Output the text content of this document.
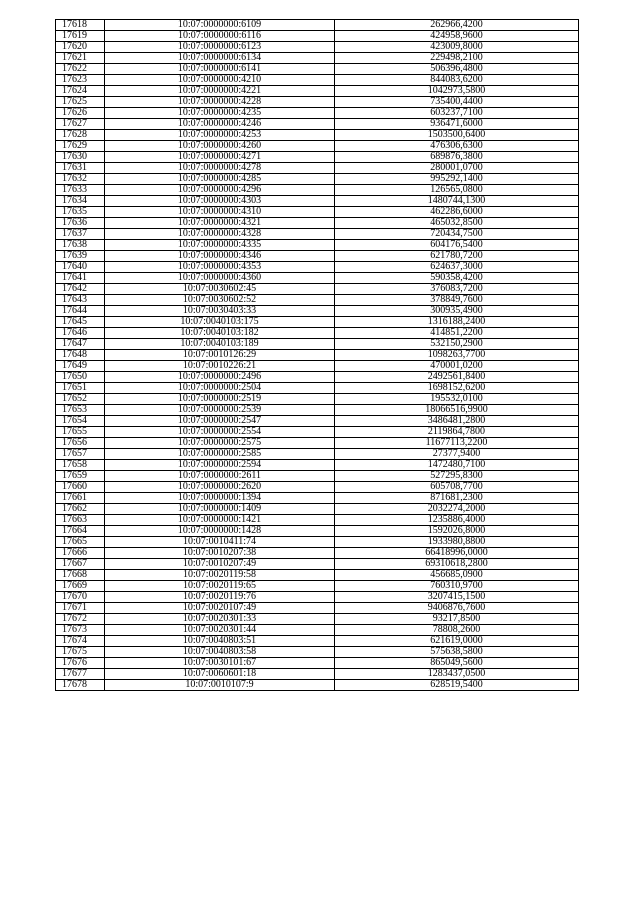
17618	10:07:0000000:6109	262966,4200
17619	10:07:0000000:6116	424958,9600
17620	10:07:0000000:6123	423009,8000
17621	10:07:0000000:6134	229498,2100
17622	10:07:0000000:6141	506396,4800
17623	10:07:0000000:4210	844083,6200
17624	10:07:0000000:4221	1042973,5800
17625	10:07:0000000:4228	735400,4400
17626	10:07:0000000:4235	603237,7100
17627	10:07:0000000:4246	936471,6000
17628	10:07:0000000:4253	1503500,6400
17629	10:07:0000000:4260	476306,6300
17630	10:07:0000000:4271	689876,3800
17631	10:07:0000000:4278	280001,0700
17632	10:07:0000000:4285	995292,1400
17633	10:07:0000000:4296	126565,0800
17634	10:07:0000000:4303	1480744,1300
17635	10:07:0000000:4310	462286,6000
17636	10:07:0000000:4321	465032,8500
17637	10:07:0000000:4328	720434,7500
17638	10:07:0000000:4335	604176,5400
17639	10:07:0000000:4346	621780,7200
17640	10:07:0000000:4353	624637,3000
17641	10:07:0000000:4360	590358,4200
17642	10:07:0030602:45	376083,7200
17643	10:07:0030602:52	378849,7600
17644	10:07:0030403:33	300935,4900
17645	10:07:0040103:175	1316188,2400
17646	10:07:0040103:182	414851,2200
17647	10:07:0040103:189	532150,2900
17648	10:07:0010126:29	1098263,7700
17649	10:07:0010226:21	470001,0200
17650	10:07:0000000:2496	2492561,8400
17651	10:07:0000000:2504	1698152,6200
17652	10:07:0000000:2519	195532,0100
17653	10:07:0000000:2539	18066516,9900
17654	10:07:0000000:2547	3486481,2800
17655	10:07:0000000:2554	2119864,7800
17656	10:07:0000000:2575	11677113,2200
17657	10:07:0000000:2585	27377,9400
17658	10:07:0000000:2594	1472480,7100
17659	10:07:0000000:2611	527295,8300
17660	10:07:0000000:2620	605708,7700
17661	10:07:0000000:1394	871681,2300
17662	10:07:0000000:1409	2032274,2000
17663	10:07:0000000:1421	1235886,4000
17664	10:07:0000000:1428	1592026,8000
17665	10:07:0010411:74	1933980,8800
17666	10:07:0010207:38	66418996,0000
17667	10:07:0010207:49	69310618,2800
17668	10:07:0020119:58	456685,0900
17669	10:07:0020119:65	760310,9700
17670	10:07:0020119:76	3207415,1500
17671	10:07:0020107:49	9406876,7600
17672	10:07:0020301:33	93217,8500
17673	10:07:0020301:44	78808,2600
17674	10:07:0040803:51	621619,0000
17675	10:07:0040803:58	575638,5800
17676	10:07:0030101:67	865049,5600
17677	10:07:0060601:18	1283437,0500
17678	10:07:0010107:9	628519,5400
